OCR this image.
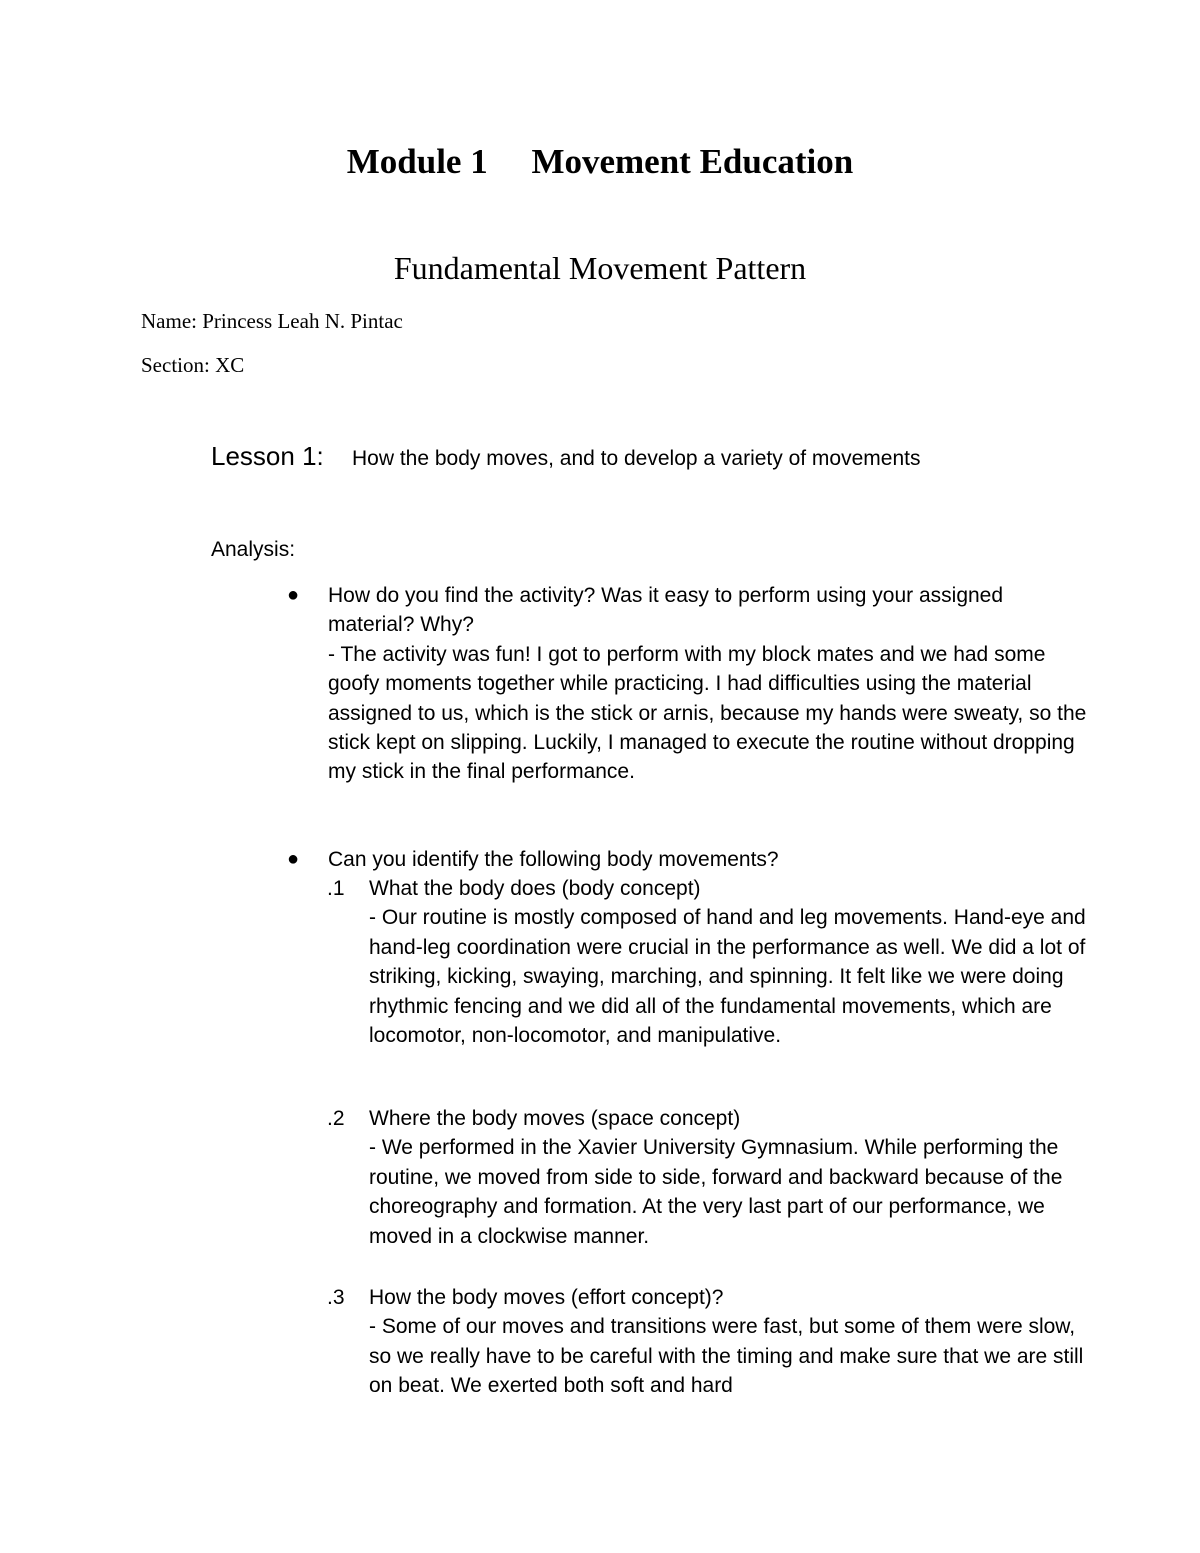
Module 1     Movement Education
Fundamental Movement Pattern
Name: Princess Leah N. Pintac
Section: XC
Lesson 1: How the body moves, and to develop a variety of movements
Analysis:
● How do you find the activity? Was it easy to perform using your assigned material? Why?

- The activity was fun! I got to perform with my block mates and we had some goofy moments together while practicing. I had difficulties using the material assigned to us, which is the stick or arnis, because my hands were sweaty, so the stick kept on slipping. Luckily, I managed to execute the routine without dropping my stick in the final performance.

● Can you identify the following body movements?

.1	What the body does (body concept)

- Our routine is mostly composed of hand and leg movements. Hand-eye and hand-leg coordination were crucial in the performance as well. We did a lot of striking, kicking, swaying, marching, and spinning. It felt like we were doing rhythmic fencing and we did all of the fundamental movements, which are locomotor, non-locomotor, and manipulative.

.2	Where the body moves (space concept)

- We performed in the Xavier University Gymnasium. While performing the routine, we moved from side to side, forward and backward because of the choreography and formation. At the very last part of our performance, we moved in a clockwise manner.

.3	How the body moves (effort concept)?

- Some of our moves and transitions were fast, but some of them were slow, so we really have to be careful with the timing and make sure that we are still on beat. We exerted both soft and hard
